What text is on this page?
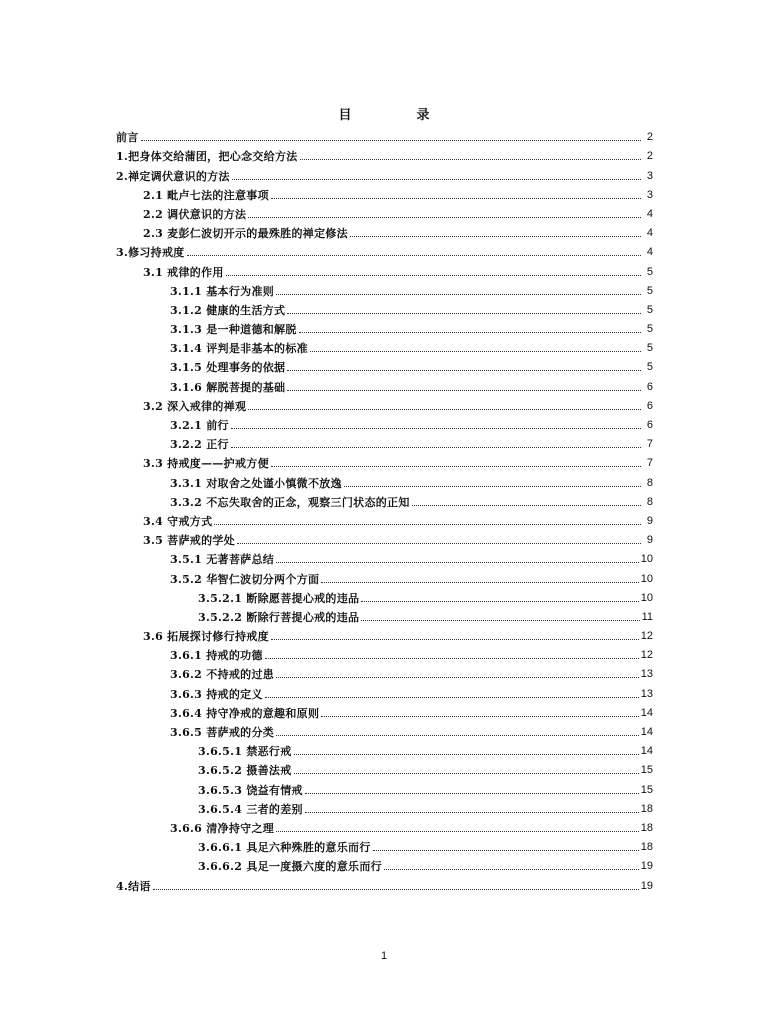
目　录
前言	2
1.把身体交给蒲团，把心念交给方法	2
2.禅定调伏意识的方法	3
2.1 毗卢七法的注意事项	3
2.2 调伏意识的方法	4
2.3 麦彭仁波切开示的最殊胜的禅定修法	4
3.修习持戒度	4
3.1 戒律的作用	5
3.1.1 基本行为准则	5
3.1.2 健康的生活方式	5
3.1.3 是一种道德和解脱	5
3.1.4 评判是非基本的标准	5
3.1.5 处理事务的依据	5
3.1.6 解脱菩提的基础	6
3.2 深入戒律的禅观	6
3.2.1 前行	6
3.2.2 正行	7
3.3 持戒度——护戒方便	7
3.3.1 对取舍之处谨小慎微不放逸	8
3.3.2 不忘失取舍的正念，观察三门状态的正知	8
3.4 守戒方式	9
3.5 菩萨戒的学处	9
3.5.1 无著菩萨总结	10
3.5.2 华智仁波切分两个方面	10
3.5.2.1 断除愿菩提心戒的违品	10
3.5.2.2 断除行菩提心戒的违品	11
3.6 拓展探讨修行持戒度	12
3.6.1 持戒的功德	12
3.6.2 不持戒的过患	13
3.6.3 持戒的定义	13
3.6.4 持守净戒的意趣和原则	14
3.6.5 菩萨戒的分类	14
3.6.5.1 禁恶行戒	14
3.6.5.2 摄善法戒	15
3.6.5.3 饶益有情戒	15
3.6.5.4 三者的差别	18
3.6.6 清净持守之理	18
3.6.6.1 具足六种殊胜的意乐而行	18
3.6.6.2 具足一度摄六度的意乐而行	19
4.结语	19
1
